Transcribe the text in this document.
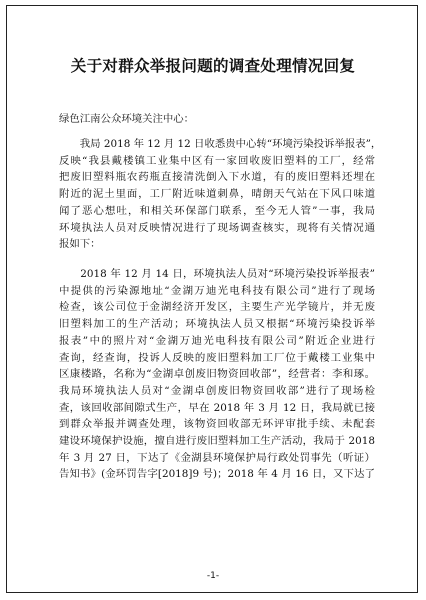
关于对群众举报问题的调查处理情况回复
绿色江南公众环境关注中心：
　　我局 2018 年 12 月 12 日收悉贵中心转“环境污染投诉举报表”，
反映“我县戴楼镇工业集中区有一家回收废旧塑料的工厂，经常
把废旧塑料瓶农药瓶直接清洗倒入下水道，有的废旧塑料还埋在
附近的泥土里面，工厂附近味道刺鼻，晴朗天气站在下风口味道
闻了恶心想吐，和相关环保部门联系，至今无人管”一事，我局
环境执法人员对反映情况进行了现场调查核实，现将有关情况通
报如下：
　　2018 年 12 月 14 日，环境执法人员对“环境污染投诉举报表”
中提供的污染源地址“金湖万迪光电科技有限公司”进行了现场
检查，该公司位于金湖经济开发区，主要生产光学镜片，并无废
旧塑料加工的生产活动；环境执法人员又根据“环境污染投诉举
报表”中的照片对“金湖万迪光电科技有限公司”附近企业进行
查询，经查询，投诉人反映的废旧塑料加工厂位于戴楼工业集中
区康楼路，名称为“金湖卓创废旧物资回收部”，经营者：李和琢。
我局环境执法人员对“金湖卓创废旧物资回收部”进行了现场检
查，该回收部间隙式生产，早在 2018 年 3 月 12 日，我局就已接
到群众举报并调查处理，该物资回收部无环评审批手续、未配套
建设环境保护设施，擅自进行废旧塑料加工生产活动，我局于 2018
年 3 月 27 日，下达了《金湖县环境保护局行政处罚事先（听证）
告知书》(金环罚告字[2018]9 号)；2018 年 4 月 16 日，又下达了
-1-
